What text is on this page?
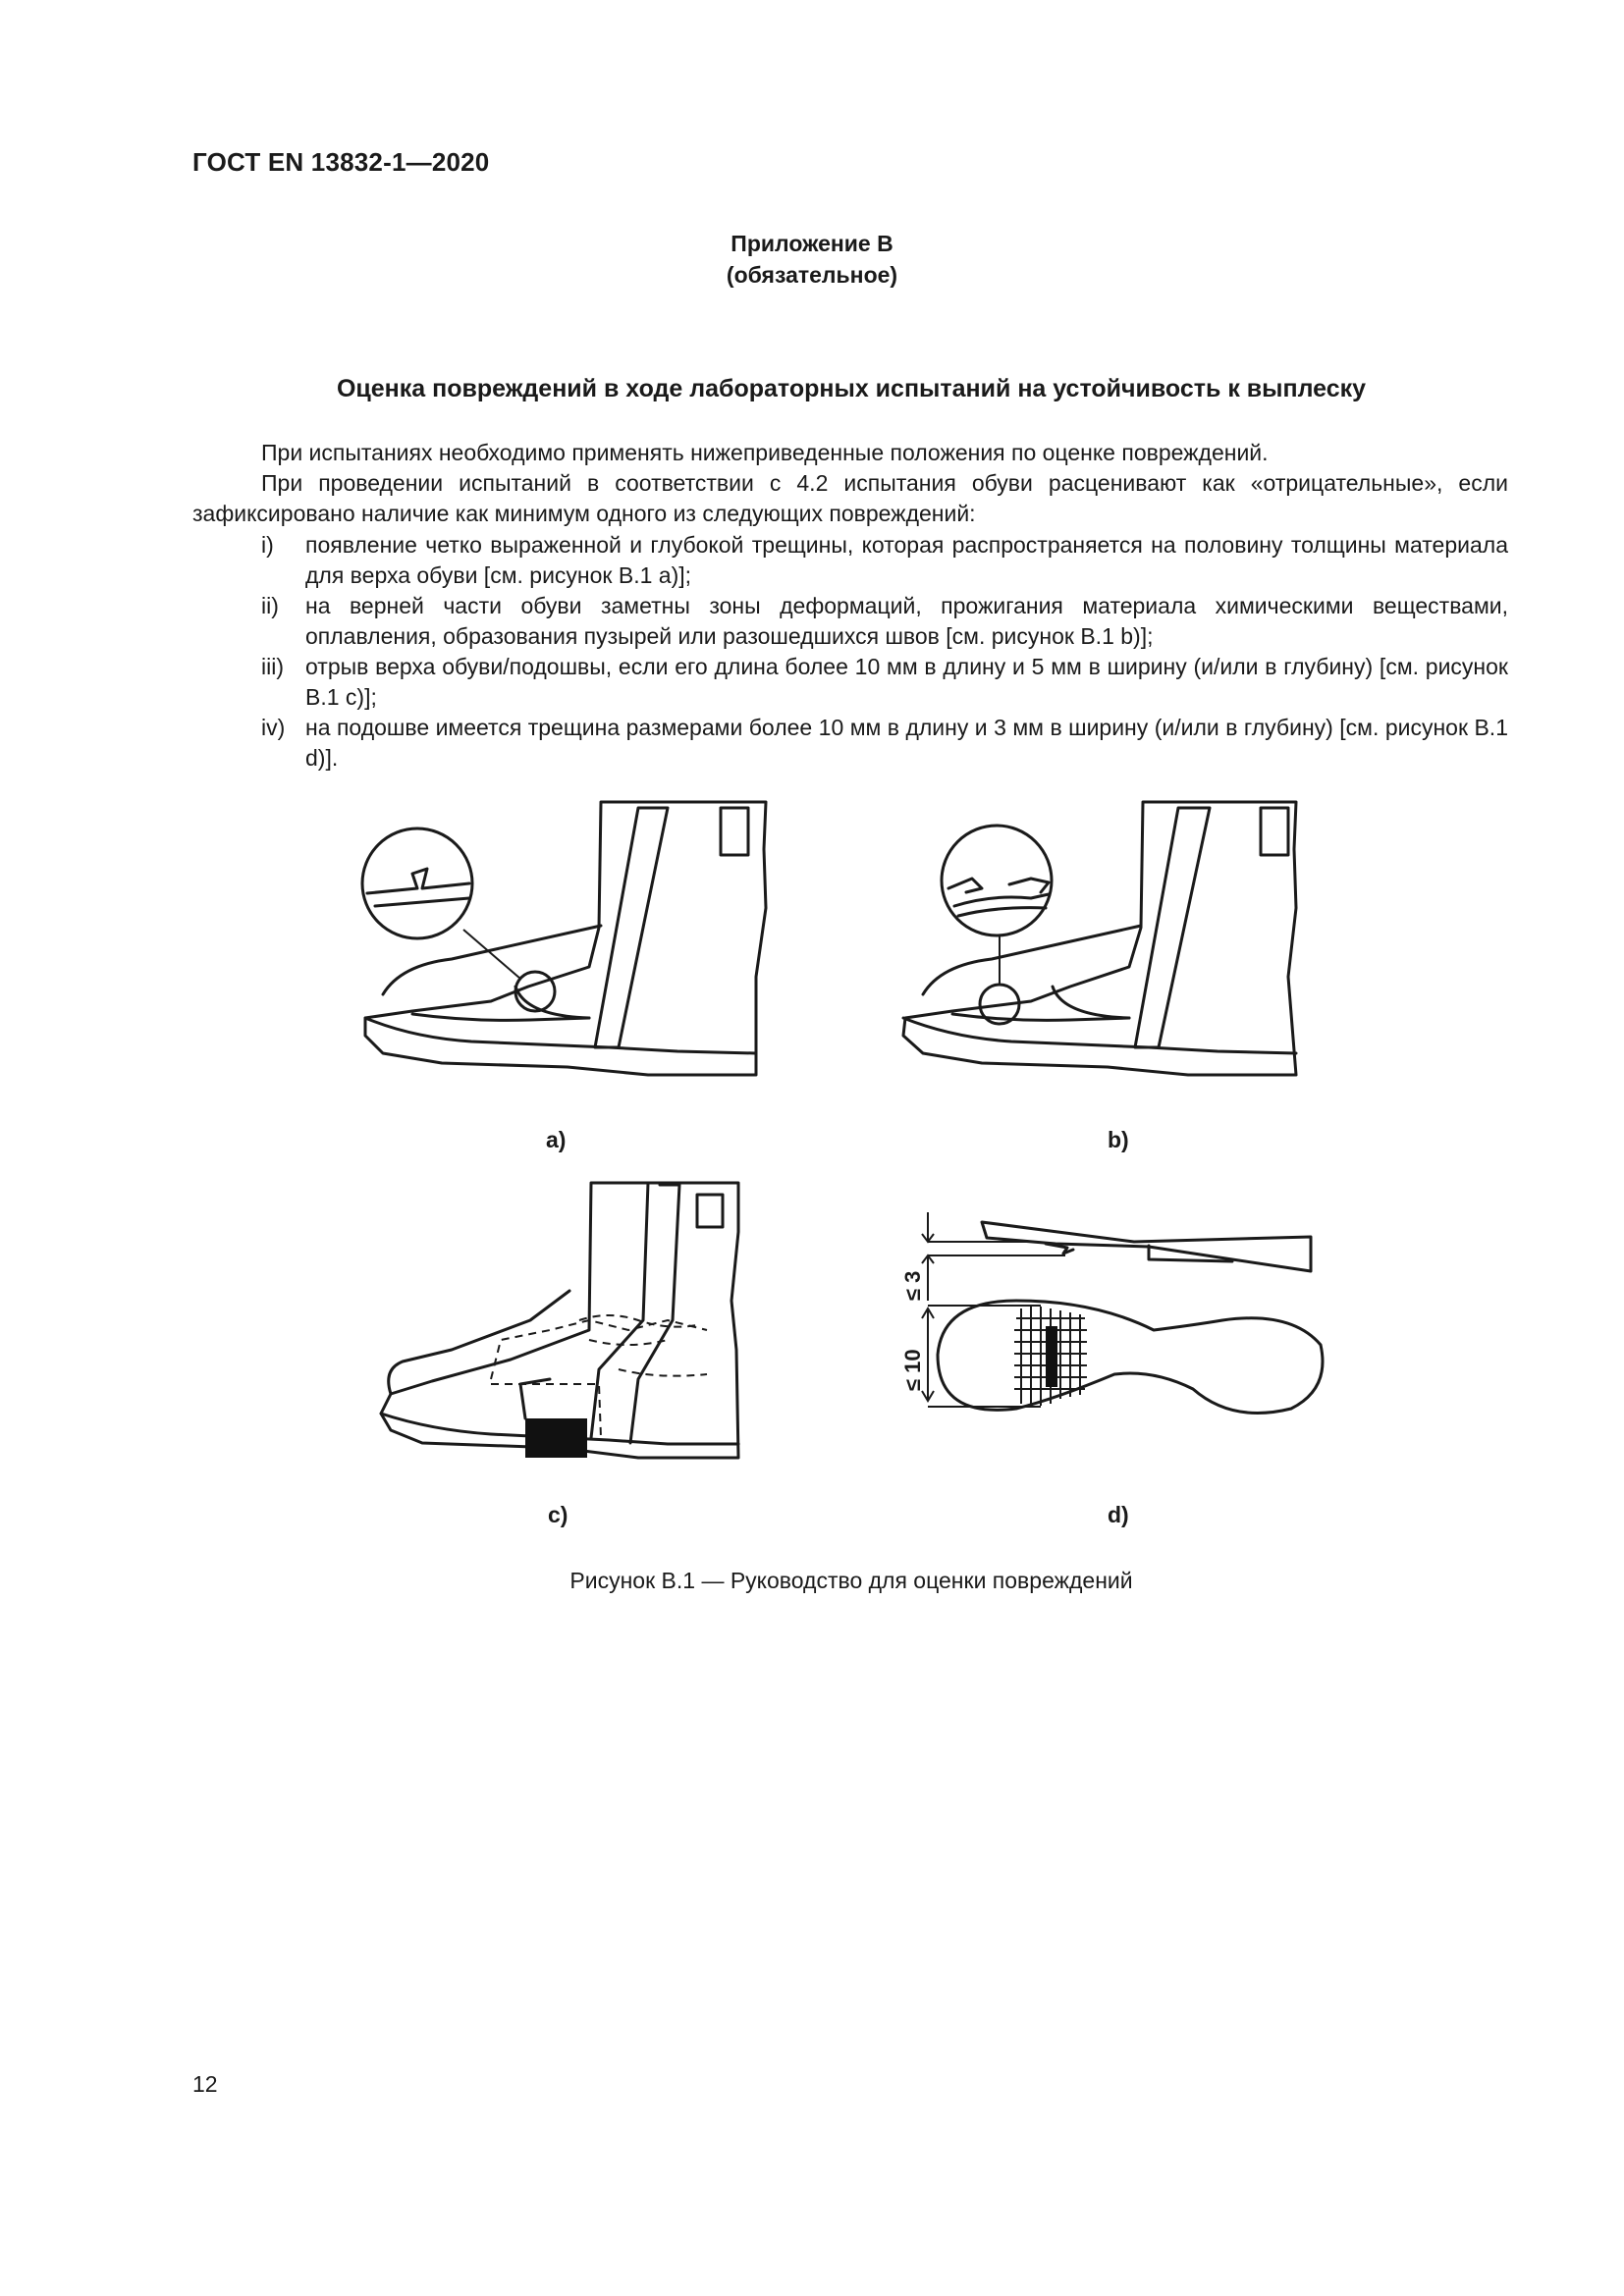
ГОСТ EN 13832-1—2020
Приложение B
(обязательное)
Оценка повреждений в ходе лабораторных испытаний на устойчивость к выплеску
При испытаниях необходимо применять нижеприведенные положения по оценке повреждений.
При проведении испытаний в соответствии с 4.2 испытания обуви расценивают как «отрицательные», если зафиксировано наличие как минимум одного из следующих повреждений:
i) появление четко выраженной и глубокой трещины, которая распространяется на половину толщины материала для верха обуви [см. рисунок B.1 a)];
ii) на верней части обуви заметны зоны деформаций, прожигания материала химическими веществами, оплавления, образования пузырей или разошедшихся швов [см. рисунок B.1 b)];
iii) отрыв верха обуви/подошвы, если его длина более 10 мм в длину и 5 мм в ширину (и/или в глубину) [см. рисунок B.1 c)];
iv) на подошве имеется трещина размерами более 10 мм в длину и 3 мм в ширину (и/или в глубину) [см. рисунок B.1 d)].
≤ 3
≤ 10
a)	b)
c)	d)
Рисунок B.1 — Руководство для оценки повреждений
12
